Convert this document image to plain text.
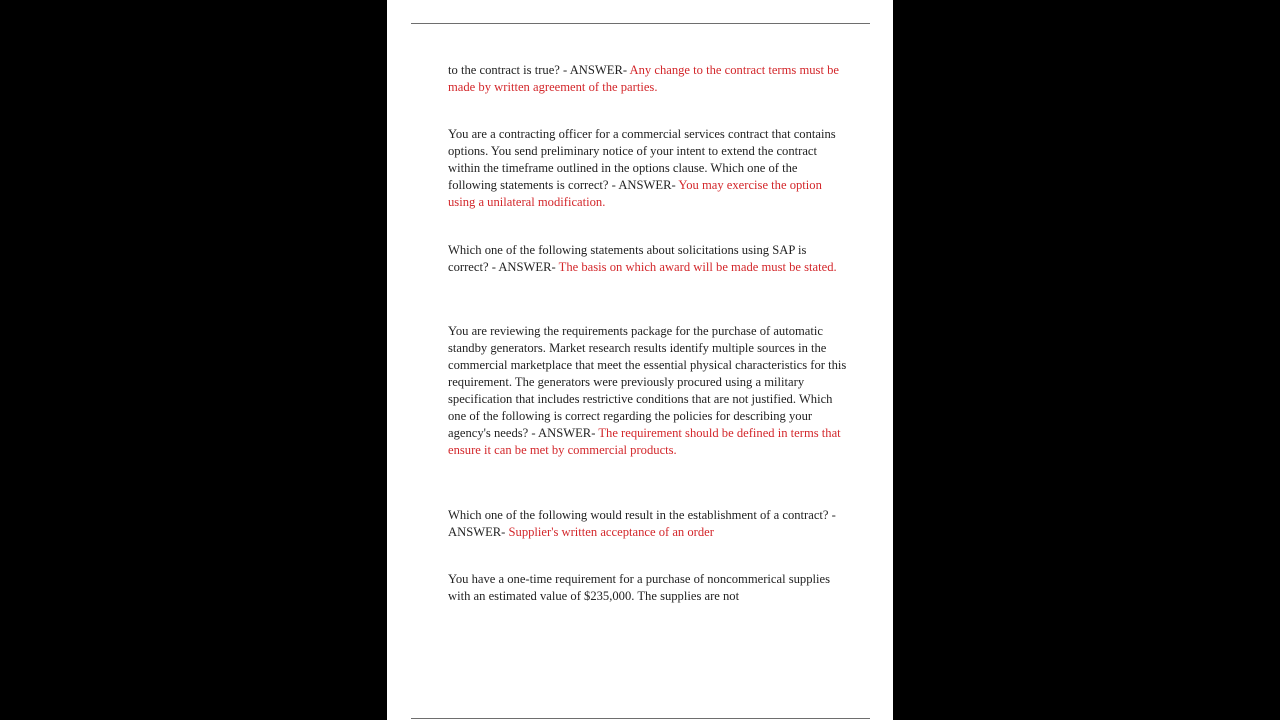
to the contract is true? - ANSWER- Any change to the contract terms must be made by written agreement of the parties.

You are a contracting officer for a commercial services contract that contains options. You send preliminary notice of your intent to extend the contract within the timeframe outlined in the options clause. Which one of the following statements is correct? - ANSWER- You may exercise the option using a unilateral modification.

Which one of the following statements about solicitations using SAP is correct? - ANSWER- The basis on which award will be made must be stated.

You are reviewing the requirements package for the purchase of automatic standby generators. Market research results identify multiple sources in the commercial marketplace that meet the essential physical characteristics for this requirement. The generators were previously procured using a military specification that includes restrictive conditions that are not justified. Which one of the following is correct regarding the policies for describing your agency's needs? - ANSWER- The requirement should be defined in terms that ensure it can be met by commercial products.

Which one of the following would result in the establishment of a contract? - ANSWER- Supplier's written acceptance of an order

You have a one-time requirement for a purchase of noncommerical supplies with an estimated value of $235,000. The supplies are not
